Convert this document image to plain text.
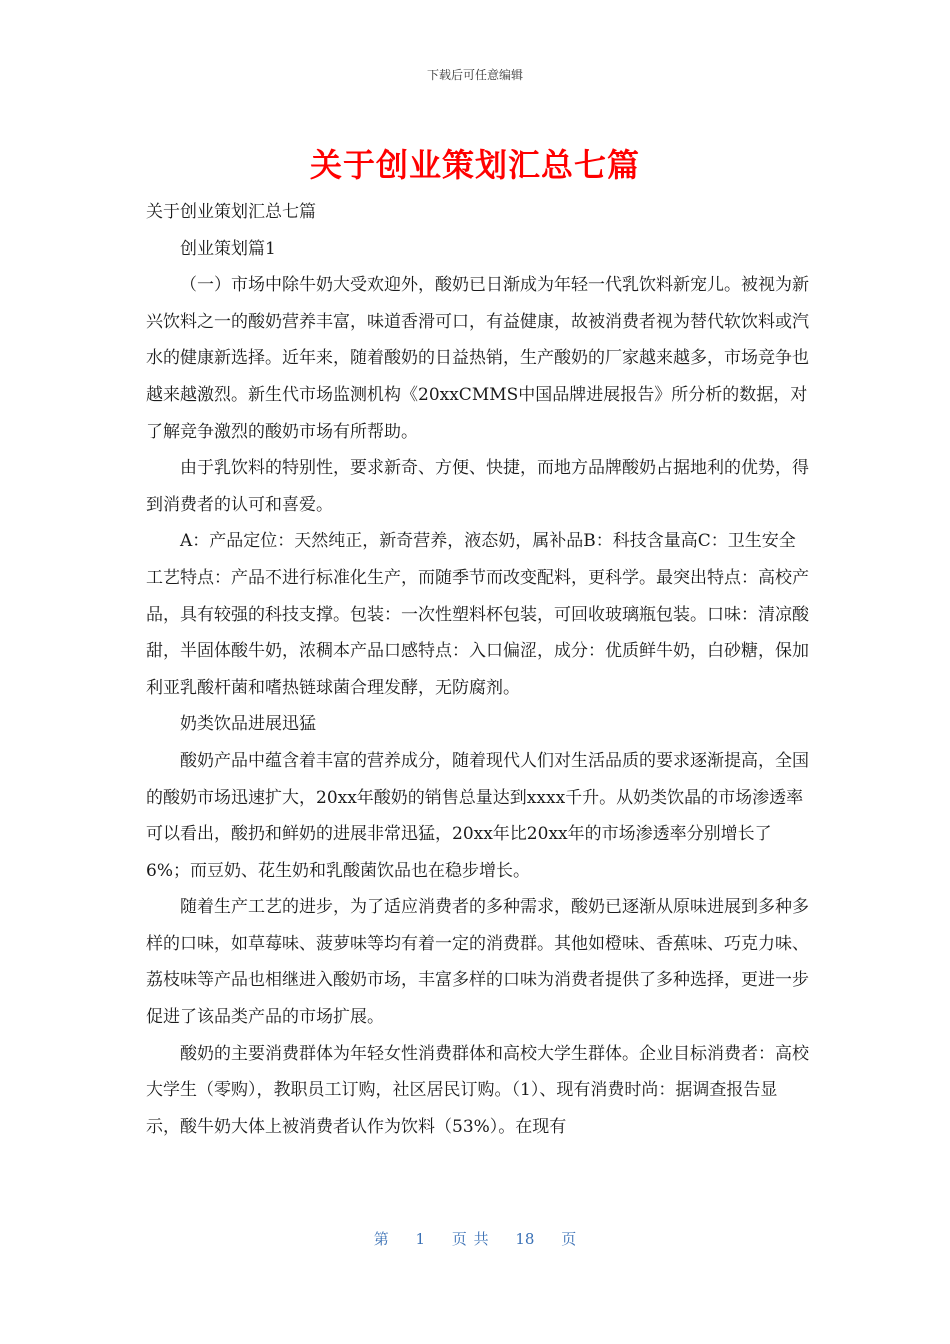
下载后可任意编辑
关于创业策划汇总七篇

关于创业策划汇总七篇

创业策划篇1

（一）市场中除牛奶大受欢迎外，酸奶已日渐成为年轻一代乳饮料新宠儿。被视为新兴饮料之一的酸奶营养丰富，味道香滑可口，有益健康，故被消费者视为替代软饮料或汽水的健康新选择。近年来，随着酸奶的日益热销，生产酸奶的厂家越来越多，市场竞争也越来越激烈。新生代市场监测机构《20xxCMMS中国品牌进展报告》所分析的数据，对了解竞争激烈的酸奶市场有所帮助。

由于乳饮料的特别性，要求新奇、方便、快捷，而地方品牌酸奶占据地利的优势，得到消费者的认可和喜爱。

A：产品定位：天然纯正，新奇营养，液态奶，属补品B：科技含量高C：卫生安全工艺特点：产品不进行标准化生产，而随季节而改变配料，更科学。最突出特点：高校产品，具有较强的科技支撑。包装：一次性塑料杯包装，可回收玻璃瓶包装。口味：清凉酸甜，半固体酸牛奶，浓稠本产品口感特点：入口偏涩，成分：优质鲜牛奶，白砂糖，保加利亚乳酸杆菌和嗜热链球菌合理发酵，无防腐剂。

奶类饮品进展迅猛

酸奶产品中蕴含着丰富的营养成分，随着现代人们对生活品质的要求逐渐提高，全国的酸奶市场迅速扩大，20xx年酸奶的销售总量达到xxxx千升。从奶类饮晶的市场渗透率可以看出，酸扔和鲜奶的进展非常迅猛，20xx年比20xx年的市场渗透率分别增长了6%；而豆奶、花生奶和乳酸菌饮品也在稳步增长。

随着生产工艺的进步，为了适应消费者的多种需求，酸奶已逐渐从原味进展到多种多样的口味，如草莓味、菠萝味等均有着一定的消费群。其他如橙味、香蕉味、巧克力味、荔枝味等产品也相继进入酸奶市场，丰富多样的口味为消费者提供了多种选择，更进一步促进了该品类产品的市场扩展。

酸奶的主要消费群体为年轻女性消费群体和高校大学生群体。企业目标消费者：高校大学生（零购），教职员工订购，社区居民订购。（1）、现有消费时尚：据调查报告显示，酸牛奶大体上被消费者认作为饮料（53%）。在现有

第 1 页 共 18 页
